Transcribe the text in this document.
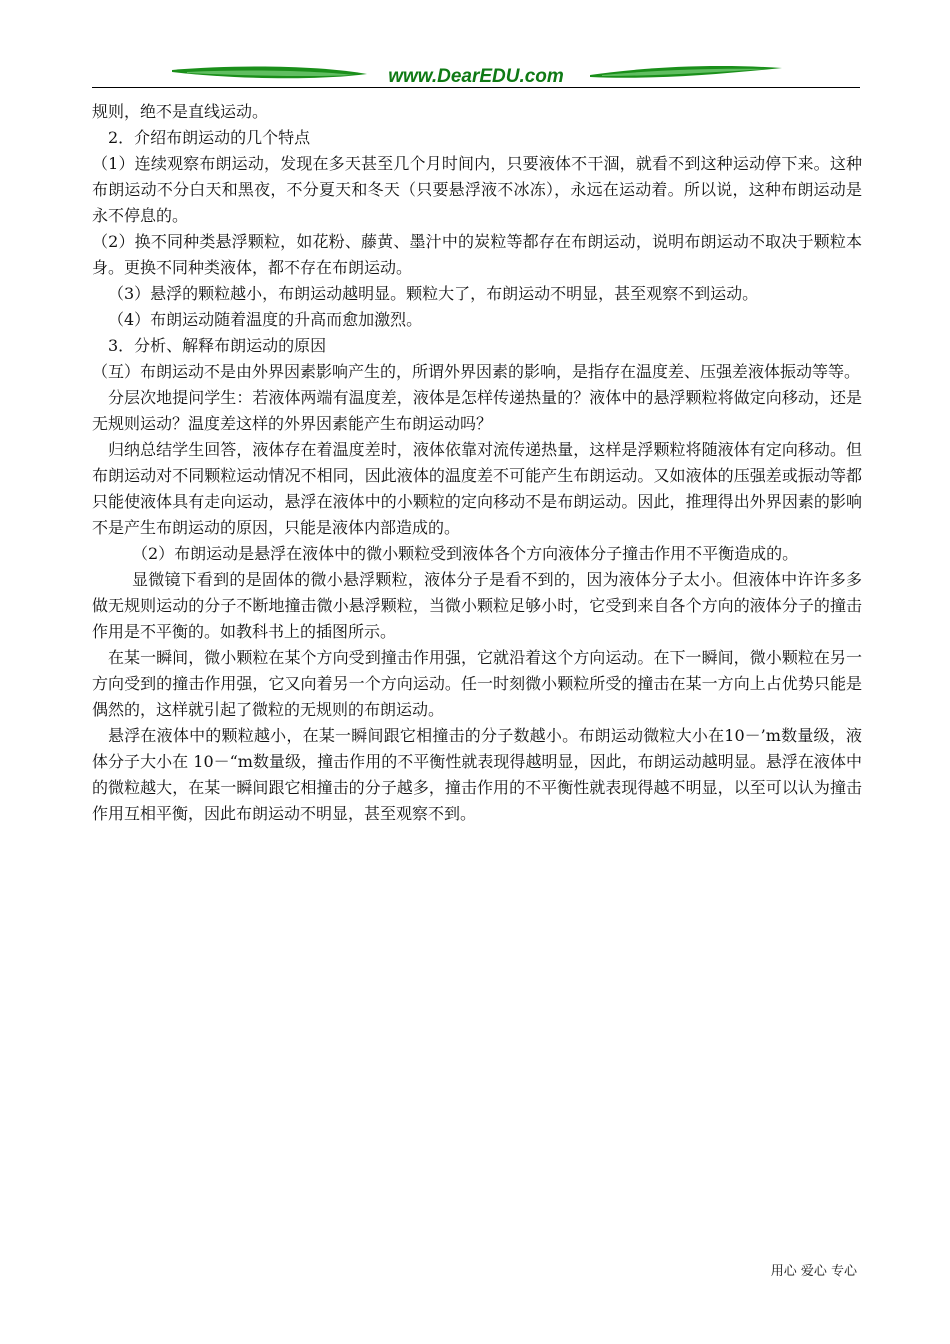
www.DearEDU.com

规则，绝不是直线运动。

2．介绍布朗运动的几个特点

（1）连续观察布朗运动，发现在多天甚至几个月时间内，只要液体不干涸，就看不到这种运动停下来。这种布朗运动不分白天和黑夜，不分夏天和冬天（只要悬浮液不冰冻），永远在运动着。所以说，这种布朗运动是永不停息的。

（2）换不同种类悬浮颗粒，如花粉、藤黄、墨汁中的炭粒等都存在布朗运动，说明布朗运动不取决于颗粒本身。更换不同种类液体，都不存在布朗运动。

（3）悬浮的颗粒越小，布朗运动越明显。颗粒大了，布朗运动不明显，甚至观察不到运动。

（4）布朗运动随着温度的升高而愈加激烈。

3．分析、解释布朗运动的原因

（互）布朗运动不是由外界因素影响产生的，所谓外界因素的影响，是指存在温度差、压强差液体振动等等。

分层次地提问学生：若液体两端有温度差，液体是怎样传递热量的？液体中的悬浮颗粒将做定向移动，还是无规则运动？温度差这样的外界因素能产生布朗运动吗？

归纳总结学生回答，液体存在着温度差时，液体依靠对流传递热量，这样是浮颗粒将随液体有定向移动。但布朗运动对不同颗粒运动情况不相同，因此液体的温度差不可能产生布朗运动。又如液体的压强差或振动等都只能使液体具有走向运动，悬浮在液体中的小颗粒的定向移动不是布朗运动。因此，推理得出外界因素的影响不是产生布朗运动的原因，只能是液体内部造成的。

（2）布朗运动是悬浮在液体中的微小颗粒受到液体各个方向液体分子撞击作用不平衡造成的。

显微镜下看到的是固体的微小悬浮颗粒，液体分子是看不到的，因为液体分子太小。但液体中许许多多做无规则运动的分子不断地撞击微小悬浮颗粒，当微小颗粒足够小时，它受到来自各个方向的液体分子的撞击作用是不平衡的。如教科书上的插图所示。

在某一瞬间，微小颗粒在某个方向受到撞击作用强，它就沿着这个方向运动。在下一瞬间，微小颗粒在另一方向受到的撞击作用强，它又向着另一个方向运动。任一时刻微小颗粒所受的撞击在某一方向上占优势只能是偶然的，这样就引起了微粒的无规则的布朗运动。

悬浮在液体中的颗粒越小，在某一瞬间跟它相撞击的分子数越小。布朗运动微粒大小在10－’m数量级，液体分子大小在 10－“m数量级，撞击作用的不平衡性就表现得越明显，因此，布朗运动越明显。悬浮在液体中的微粒越大，在某一瞬间跟它相撞击的分子越多，撞击作用的不平衡性就表现得越不明显，以至可以认为撞击作用互相平衡，因此布朗运动不明显，甚至观察不到。

用心 爱心 专心
